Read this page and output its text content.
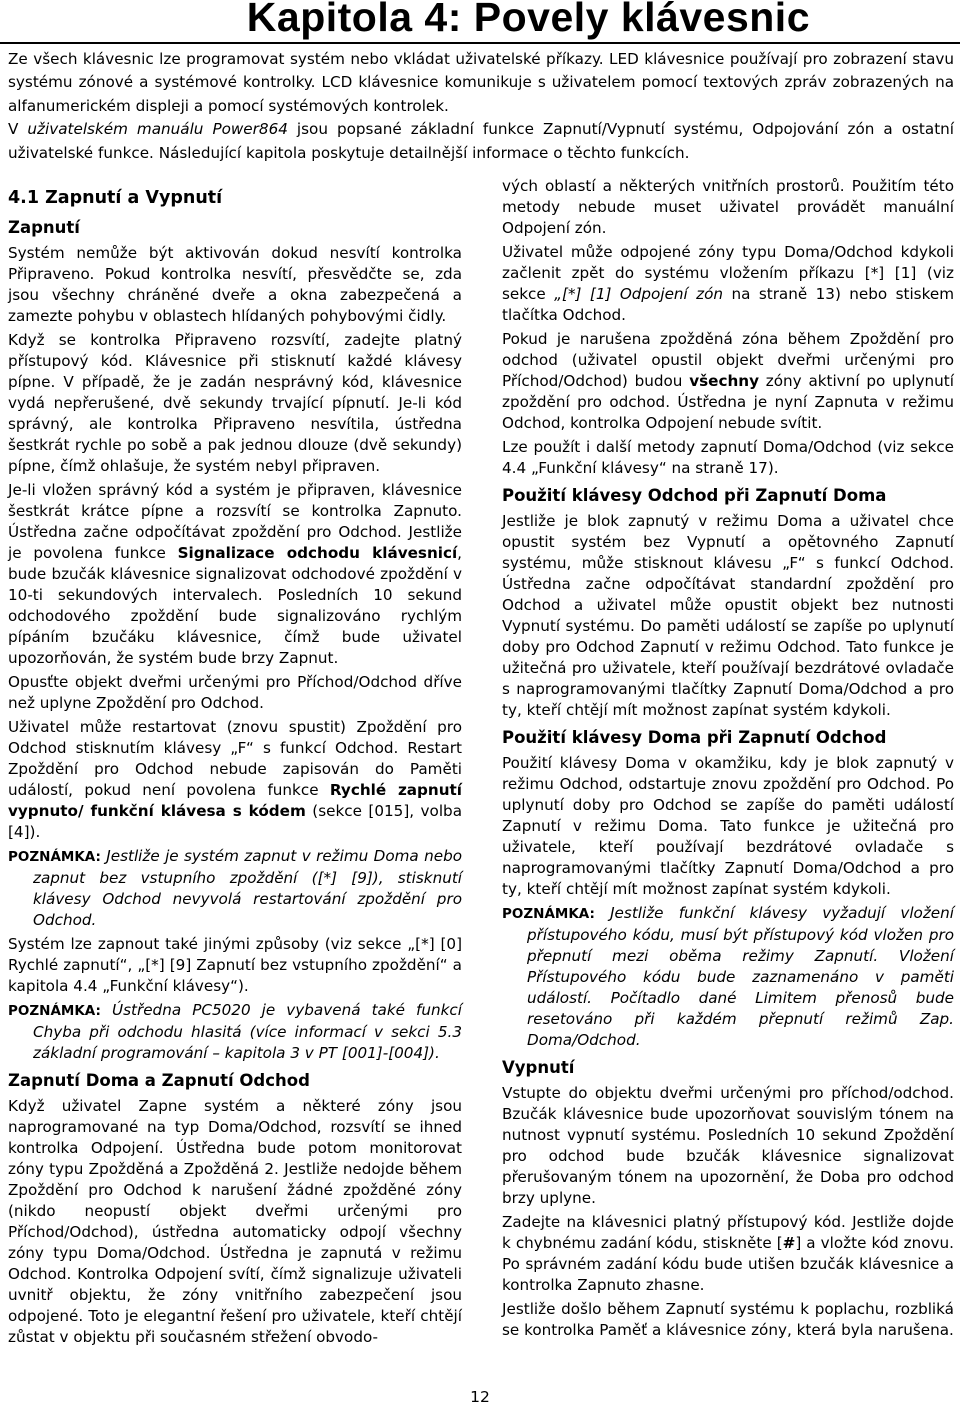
Kapitola 4: Povely klávesnic

Ze všech klávesnic lze programovat systém nebo vkládat uživatelské příkazy. LED klávesnice používají pro zobrazení stavu systému zónové a systémové kontrolky. LCD klávesnice komunikuje s uživatelem pomocí textových zpráv zobrazených na alfanumerickém displeji a pomocí systémových kontrolek.

V uživatelském manuálu Power864 jsou popsané základní funkce Zapnutí/Vypnutí systému, Odpojování zón a ostatní uživatelské funkce. Následující kapitola poskytuje detailnější informace o těchto funkcích.

4.1 Zapnutí a Vypnutí
Zapnutí

Systém nemůže být aktivován dokud nesvítí kontrolka Připraveno. Pokud kontrolka nesvítí, přesvědčte se, zda jsou všechny chráněné dveře a okna zabezpečená a zamezte pohybu v oblastech hlídaných pohybovými čidly.

Když se kontrolka Připraveno rozsvítí, zadejte platný přístupový kód. Klávesnice při stisknutí každé klávesy pípne. V případě, že je zadán nesprávný kód, klávesnice vydá nepřerušené, dvě sekundy trvající pípnutí. Je-li kód správný, ale kontrolka Připraveno nesvítila, ústředna šestkrát rychle po sobě a pak jednou dlouze (dvě sekundy) pípne, čímž ohlašuje, že systém nebyl připraven.

Je-li vložen správný kód a systém je připraven, klávesnice šestkrát krátce pípne a rozsvítí se kontrolka Zapnuto. Ústředna začne odpočítávat zpoždění pro Odchod. Jestliže je povolena funkce Signalizace odchodu klávesnicí, bude bzučák klávesnice signalizovat odchodové zpoždění v 10-ti sekundových intervalech. Posledních 10 sekund odchodového zpoždění bude signalizováno rychlým pípáním bzučáku klávesnice, čímž bude uživatel upozorňován, že systém bude brzy Zapnut.

Opusťte objekt dveřmi určenými pro Příchod/Odchod dříve než uplyne Zpoždění pro Odchod.

Uživatel může restartovat (znovu spustit) Zpoždění pro Odchod stisknutím klávesy „F“ s funkcí Odchod. Restart Zpoždění pro Odchod nebude zapisován do Paměti událostí, pokud není povolena funkce Rychlé zapnutí vypnuto/ funkční klávesa s kódem (sekce [015], volba [4]).

POZNÁMKA: Jestliže je systém zapnut v režimu Doma nebo zapnut bez vstupního zpoždění ([*] [9]), stisknutí klávesy Odchod nevyvolá restartování zpoždění pro Odchod.

Systém lze zapnout také jinými způsoby (viz sekce „[*] [0] Rychlé zapnutí“, „[*] [9] Zapnutí bez vstupního zpoždění“ a kapitola 4.4 „Funkční klávesy“).

POZNÁMKA: Ústředna PC5020 je vybavená také funkcí Chyba při odchodu hlasitá (více informací v sekci 5.3 základní programování – kapitola 3 v PT [001]-[004]).

Zapnutí Doma a Zapnutí Odchod

Když uživatel Zapne systém a některé zóny jsou naprogramované na typ Doma/Odchod, rozsvítí se ihned kontrolka Odpojení. Ústředna bude potom monitorovat zóny typu Zpožděná a Zpožděná 2. Jestliže nedojde během Zpoždění pro Odchod k narušení žádné zpožděné zóny (nikdo neopustí objekt dveřmi určenými pro Příchod/Odchod), ústředna automaticky odpojí všechny zóny typu Doma/Odchod. Ústředna je zapnutá v režimu Odchod. Kontrolka Odpojení svítí, čímž signalizuje uživateli uvnitř objektu, že zóny vnitřního zabezpečení jsou odpojené. Toto je elegantní řešení pro uživatele, kteří chtějí zůstat v objektu při současném střežení obvodo-

vých oblastí a některých vnitřních prostorů. Použitím této metody nebude muset uživatel provádět manuální Odpojení zón.

Uživatel může odpojené zóny typu Doma/Odchod kdykoli začlenit zpět do systému vložením příkazu [*] [1] (viz sekce „[*] [1] Odpojení zón na straně 13) nebo stiskem tlačítka Odchod.

Pokud je narušena zpožděná zóna během Zpoždění pro odchod (uživatel opustil objekt dveřmi určenými pro Příchod/Odchod) budou všechny zóny aktivní po uplynutí zpoždění pro odchod. Ústředna je nyní Zapnuta v režimu Odchod, kontrolka Odpojení nebude svítit.

Lze použít i další metody zapnutí Doma/Odchod (viz sekce 4.4 „Funkční klávesy“ na straně 17).

Použití klávesy Odchod při Zapnutí Doma

Jestliže je blok zapnutý v režimu Doma a uživatel chce opustit systém bez Vypnutí a opětovného Zapnutí systému, může stisknout klávesu „F“ s funkcí Odchod. Ústředna začne odpočítávat standardní zpoždění pro Odchod a uživatel může opustit objekt bez nutnosti Vypnutí systému. Do paměti událostí se zapíše po uplynutí doby pro Odchod Zapnutí v režimu Odchod. Tato funkce je užitečná pro uživatele, kteří používají bezdrátové ovladače s naprogramovanými tlačítky Zapnutí Doma/Odchod a pro ty, kteří chtějí mít možnost zapínat systém kdykoli.

Použití klávesy Doma při Zapnutí Odchod

Použití klávesy Doma v okamžiku, kdy je blok zapnutý v režimu Odchod, odstartuje znovu zpoždění pro Odchod. Po uplynutí doby pro Odchod se zapíše do paměti událostí Zapnutí v režimu Doma. Tato funkce je užitečná pro uživatele, kteří používají bezdrátové ovladače s naprogramovanými tlačítky Zapnutí Doma/Odchod a pro ty, kteří chtějí mít možnost zapínat systém kdykoli.

POZNÁMKA: Jestliže funkční klávesy vyžadují vložení přístupového kódu, musí být přístupový kód vložen pro přepnutí mezi oběma režimy Zapnutí. Vložení Přístupového kódu bude zaznamenáno v paměti událostí. Počítadlo dané Limitem přenosů bude resetováno při každém přepnutí režimů Zap. Doma/Odchod.

Vypnutí

Vstupte do objektu dveřmi určenými pro příchod/odchod. Bzučák klávesnice bude upozorňovat souvislým tónem na nutnost vypnutí systému. Posledních 10 sekund Zpoždění pro odchod bude bzučák klávesnice signalizovat přerušovaným tónem na upozornění, že Doba pro odchod brzy uplyne.

Zadejte na klávesnici platný přístupový kód. Jestliže dojde k chybnému zadání kódu, stiskněte [#] a vložte kód znovu. Po správném zadání kódu bude utišen bzučák klávesnice a kontrolka Zapnuto zhasne.

Jestliže došlo během Zapnutí systému k poplachu, rozbliká se kontrolka Paměť a klávesnice zóny, která byla narušena.

12
